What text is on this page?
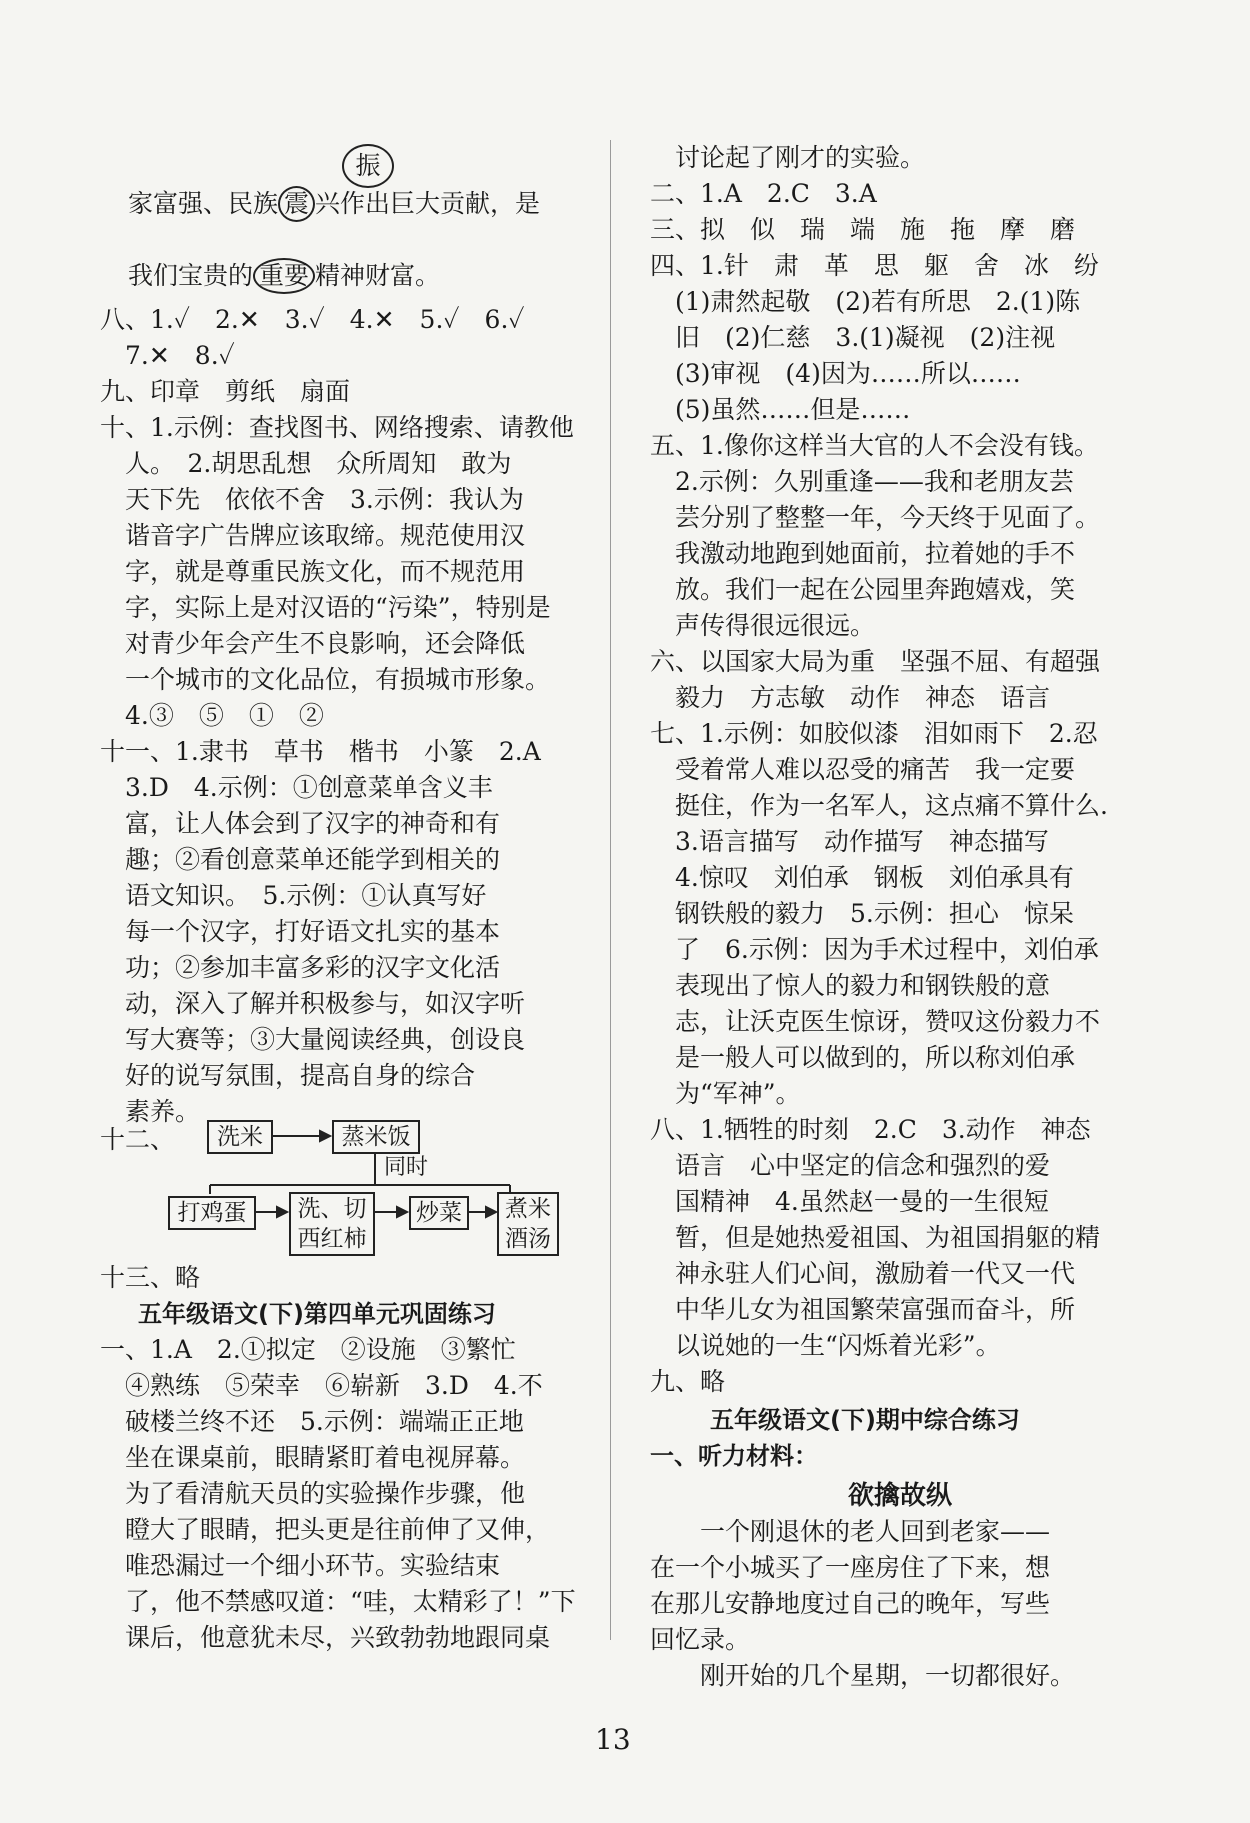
振
家富强、民族 震 兴作出巨大贡献，是
我们宝贵的 重要 精神财富。
八、1.✓　2.✕　3.✓　4.✕　5.✓　6.✓
　7.✕　8.✓
九、印章　剪纸　扇面
十、1.示例：查找图书、网络搜索、请教他
　人。　2.胡思乱想　众所周知　敢为
　天下先　依依不舍　3.示例：我认为
　谐音字广告牌应该取缔。规范使用汉
　字，就是尊重民族文化，而不规范用
　字，实际上是对汉语的“污染”，特别是
　对青少年会产生不良影响，还会降低
　一个城市的文化品位，有损城市形象。
　4.③　⑤　①　②
十一、1.隶书　草书　楷书　小篆　2.A
　3.D　4.示例：①创意菜单含义丰
　富，让人体会到了汉字的神奇和有
　趣；②看创意菜单还能学到相关的
　语文知识。　5.示例：①认真写好
　每一个汉字，打好语文扎实的基本
　功；②参加丰富多彩的汉字文化活
　动，深入了解并积极参与，如汉字听
　写大赛等；③大量阅读经典，创设良
　好的说写氛围，提高自身的综合
　素养。
十二、	洗米	蒸米饭
同时
打鸡蛋	洗、切
西红柿
炒菜	煮米
酒汤
十三、略
五年级语文(下)第四单元巩固练习
一、1.A　2.①拟定　②设施　③繁忙
　④熟练　⑤荣幸　⑥崭新　3.D　4.不
　破楼兰终不还　5.示例：端端正正地
　坐在课桌前，眼睛紧盯着电视屏幕。
　为了看清航天员的实验操作步骤，他
　瞪大了眼睛，把头更是往前伸了又伸，
　唯恐漏过一个细小环节。实验结束
　了，他不禁感叹道：“哇，太精彩了！”下
　课后，他意犹未尽，兴致勃勃地跟同桌
　讨论起了刚才的实验。
二、1.A　2.C　3.A
三、拟　似　瑞　端　施　拖　摩　磨
四、1.针　肃　革　思　躯　舍　冰　纷
　(1)肃然起敬　(2)若有所思　2.(1)陈
　旧　(2)仁慈　3.(1)凝视　(2)注视
　(3)审视　(4)因为……所以……
　(5)虽然……但是……
五、1.像你这样当大官的人不会没有钱。
　2.示例：久别重逢——我和老朋友芸
　芸分别了整整一年，今天终于见面了。
　我激动地跑到她面前，拉着她的手不
　放。我们一起在公园里奔跑嬉戏，笑
　声传得很远很远。
六、以国家大局为重　坚强不屈、有超强
　毅力　方志敏　动作　神态　语言
七、1.示例：如胶似漆　泪如雨下　2.忍
　受着常人难以忍受的痛苦　我一定要
　挺住，作为一名军人，这点痛不算什么.
　3.语言描写　动作描写　神态描写
　4.惊叹　刘伯承　钢板　刘伯承具有
　钢铁般的毅力　5.示例：担心　惊呆
　了　6.示例：因为手术过程中，刘伯承
　表现出了惊人的毅力和钢铁般的意
　志，让沃克医生惊讶，赞叹这份毅力不
　是一般人可以做到的，所以称刘伯承
　为“军神”。
八、1.牺牲的时刻　2.C　3.动作　神态
　语言　心中坚定的信念和强烈的爱
　国精神　4.虽然赵一曼的一生很短
　暂，但是她热爱祖国、为祖国捐躯的精
　神永驻人们心间，激励着一代又一代
　中华儿女为祖国繁荣富强而奋斗，所
　以说她的一生“闪烁着光彩”。
九、略
五年级语文(下)期中综合练习
一、听力材料：
欲擒故纵
　　一个刚退休的老人回到老家——
在一个小城买了一座房住了下来，想
在那儿安静地度过自己的晚年，写些
回忆录。
　　刚开始的几个星期，一切都很好。
13
